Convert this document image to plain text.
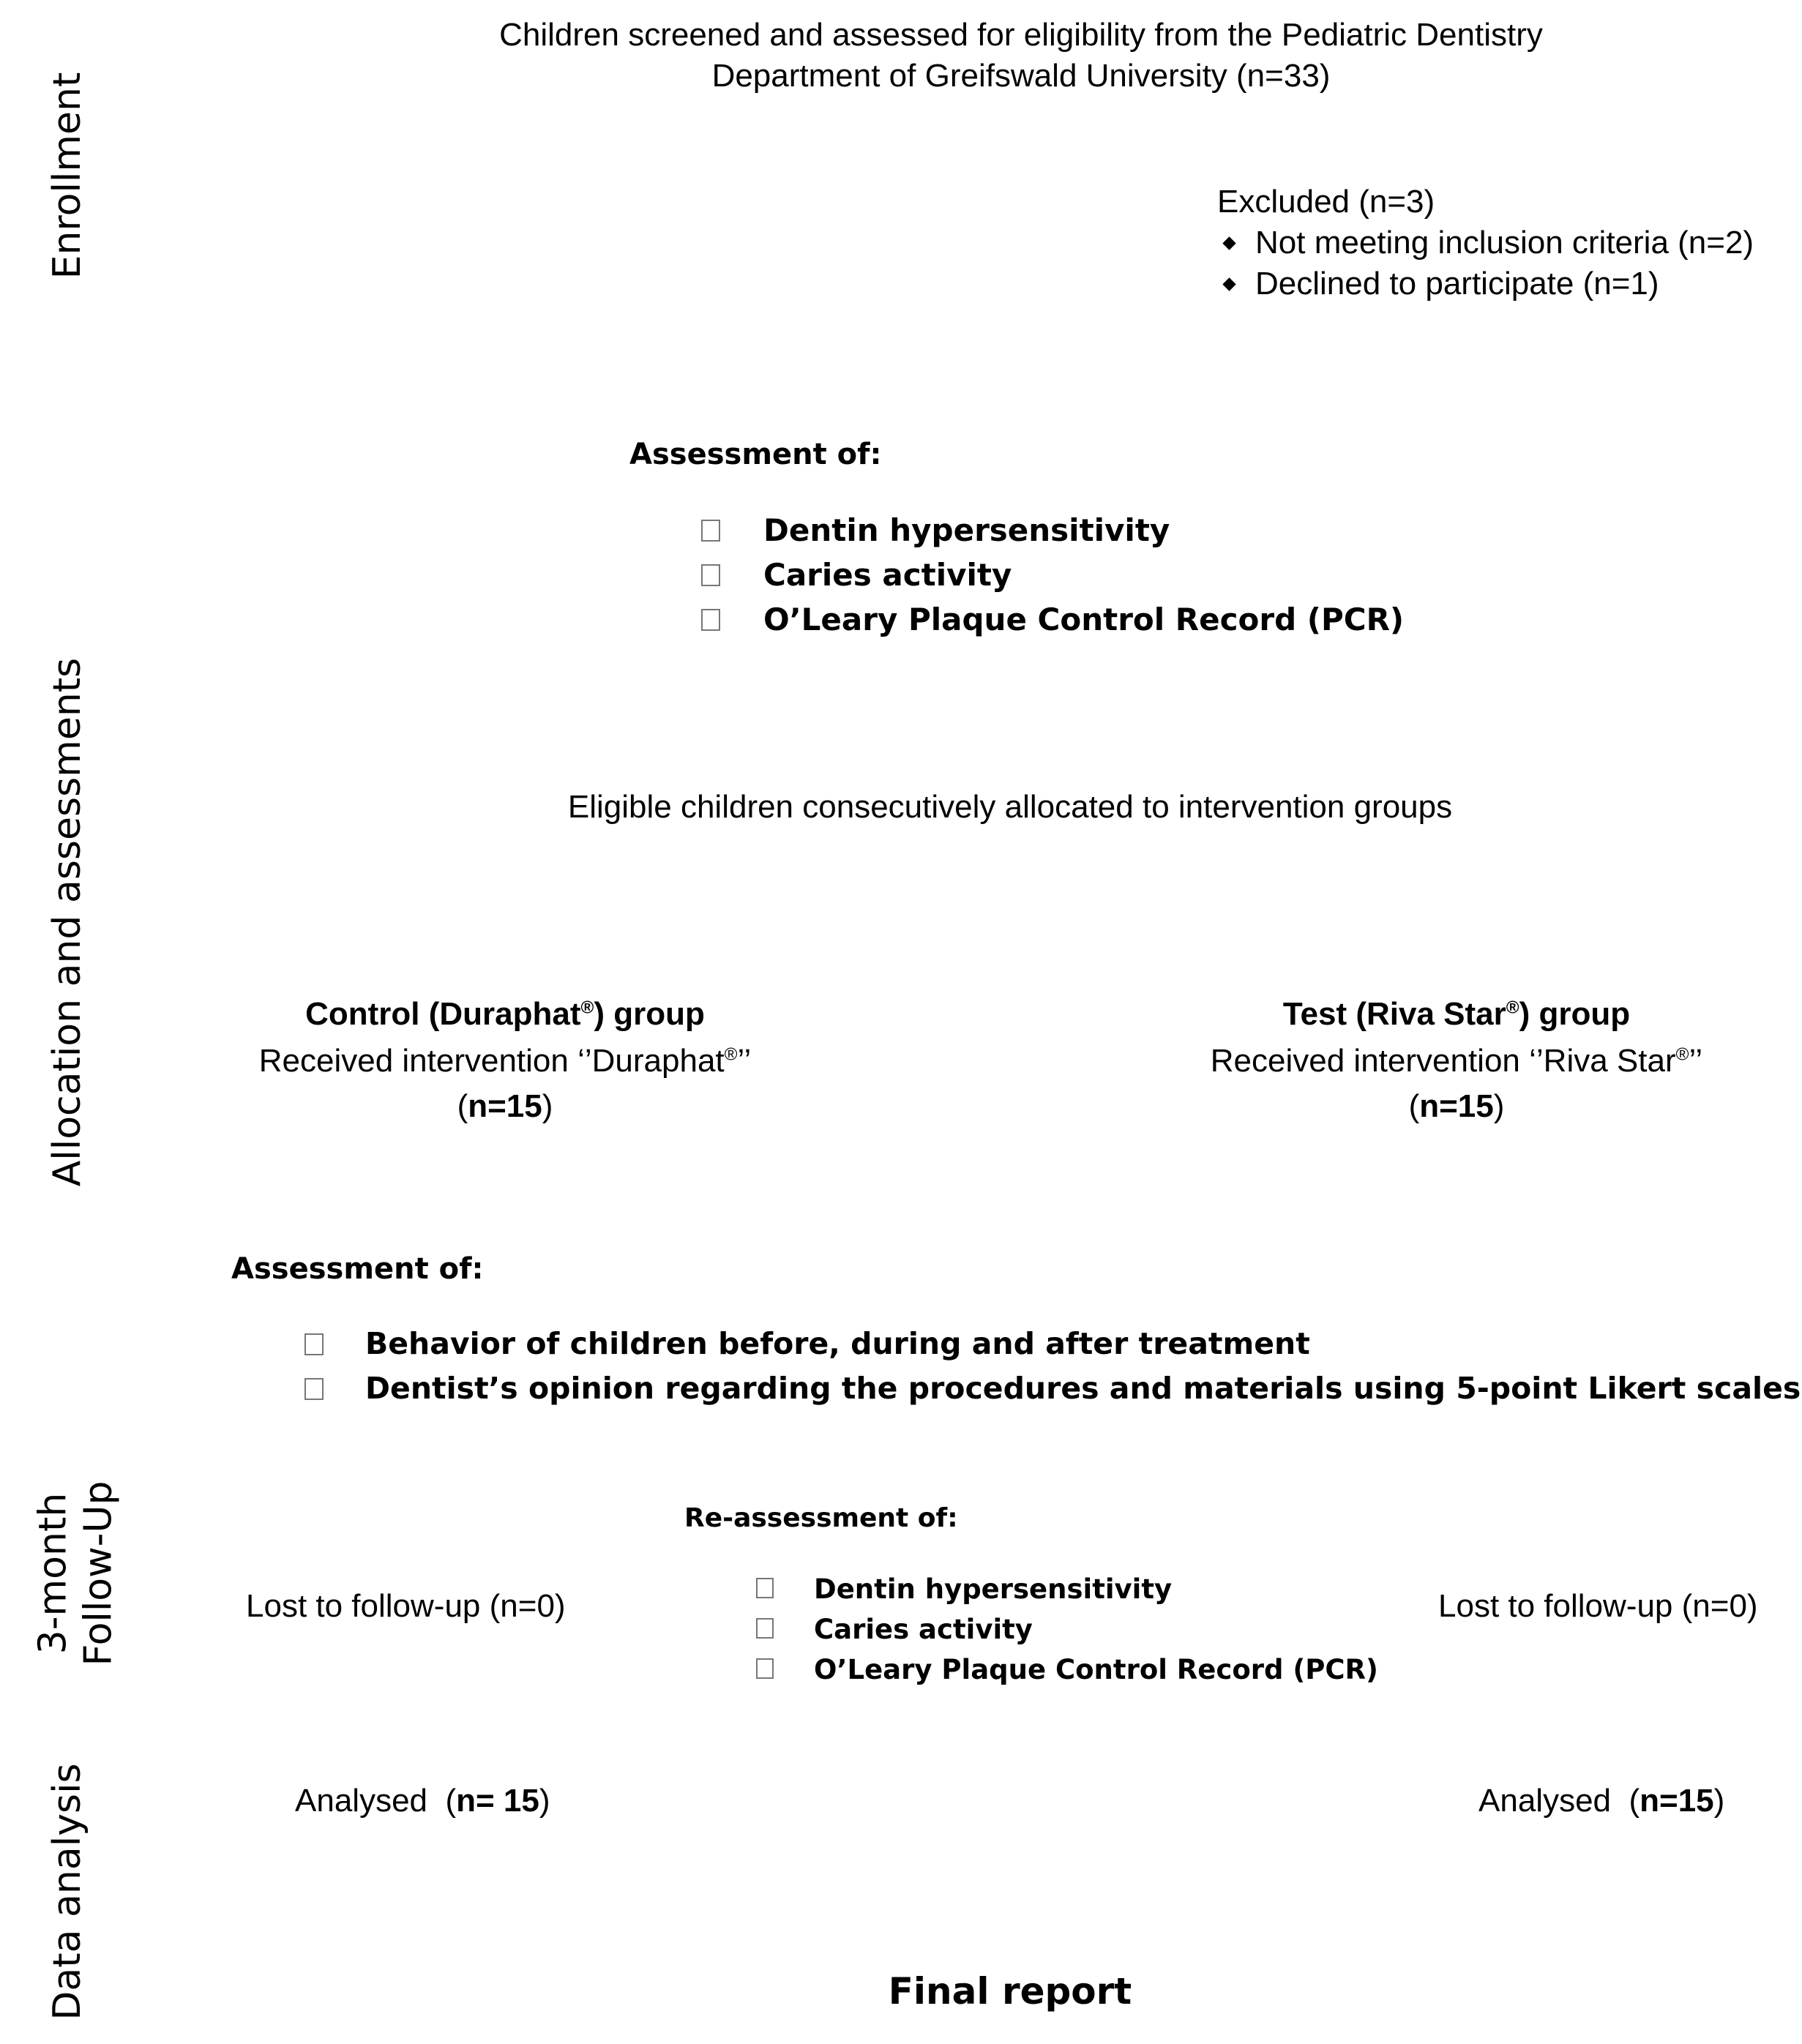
Enrollment
Allocation and assessments
3-month Follow-Up
Data analysis
Children screened and assessed for eligibility from the Pediatric Dentistry
Department of Greifswald University (n=33)
Excluded (n=3)
Not meeting inclusion criteria (n=2)
Declined to participate (n=1)
Assessment of:
Dentin hypersensitivity
Caries activity
O’Leary Plaque Control Record (PCR)
Eligible children consecutively allocated to intervention groups
Control (Duraphat®) group
Received intervention ‘’Duraphat®’’
(n=15)
Test (Riva Star®) group
Received intervention ‘’Riva Star®’’
(n=15)
Assessment of:
Behavior of children before, during and after treatment
Dentist’s opinion regarding the procedures and materials using 5-point Likert scales
Lost to follow-up (n=0)	Lost to follow-up (n=0)
Re-assessment of:
Dentin hypersensitivity
Caries activity
O’Leary Plaque Control Record (PCR)
Analysed (n= 15)	Analysed (n=15)
Final report
